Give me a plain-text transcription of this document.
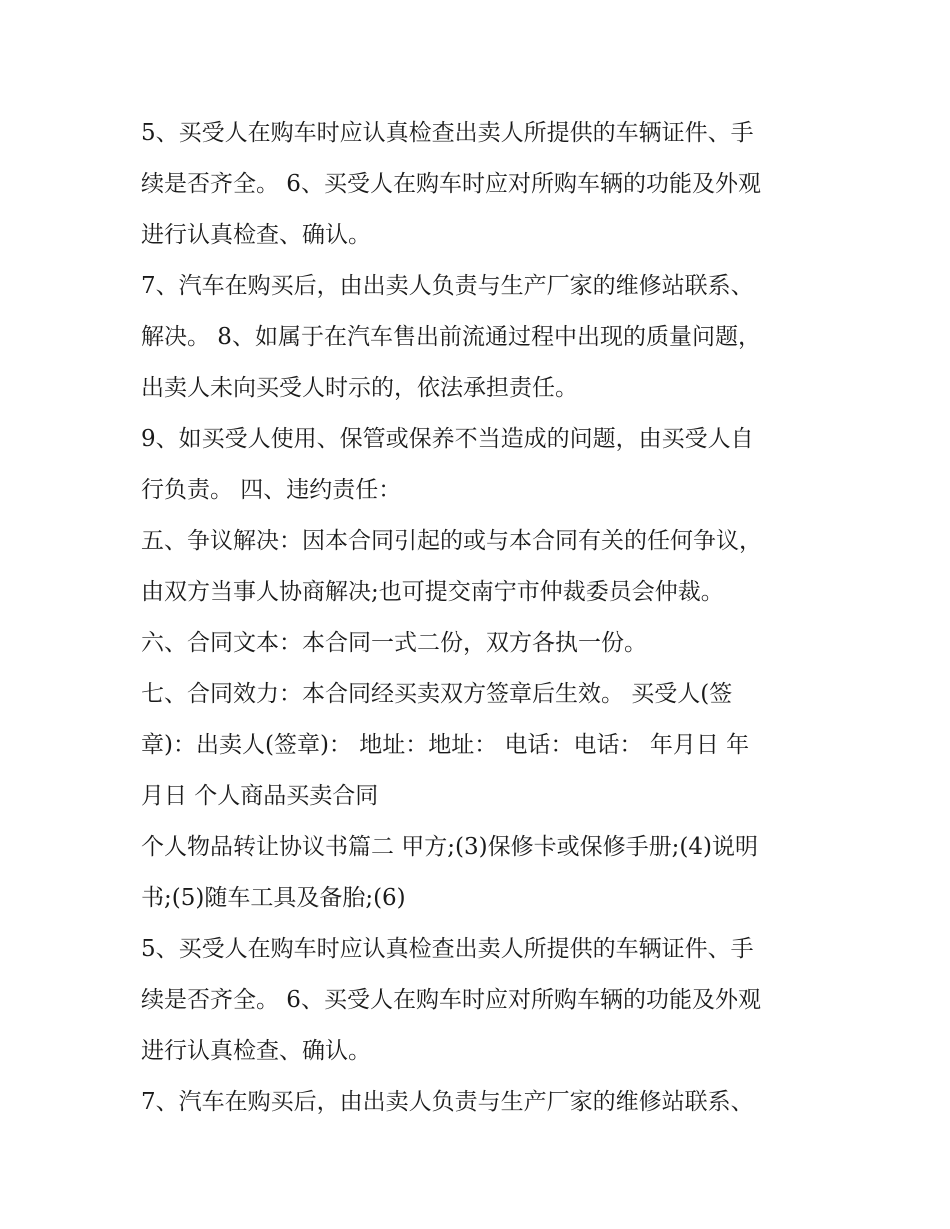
5、买受人在购车时应认真检查出卖人所提供的车辆证件、手
续是否齐全。 6、买受人在购车时应对所购车辆的功能及外观
进行认真检查、确认。
7、汽车在购买后，由出卖人负责与生产厂家的维修站联系、
解决。 8、如属于在汽车售出前流通过程中出现的质量问题，
出卖人未向买受人时示的，依法承担责任。
9、如买受人使用、保管或保养不当造成的问题，由买受人自
行负责。 四、违约责任：
五、争议解决：因本合同引起的或与本合同有关的任何争议，
由双方当事人协商解决;也可提交南宁市仲裁委员会仲裁。
六、合同文本：本合同一式二份，双方各执一份。
七、合同效力：本合同经买卖双方签章后生效。 买受人(签
章)：出卖人(签章)： 地址：地址： 电话：电话： 年月日 年
月日 个人商品买卖合同
个人物品转让协议书篇二 甲方;(3)保修卡或保修手册;(4)说明
书;(5)随车工具及备胎;(6)
5、买受人在购车时应认真检查出卖人所提供的车辆证件、手
续是否齐全。 6、买受人在购车时应对所购车辆的功能及外观
进行认真检查、确认。
7、汽车在购买后，由出卖人负责与生产厂家的维修站联系、
